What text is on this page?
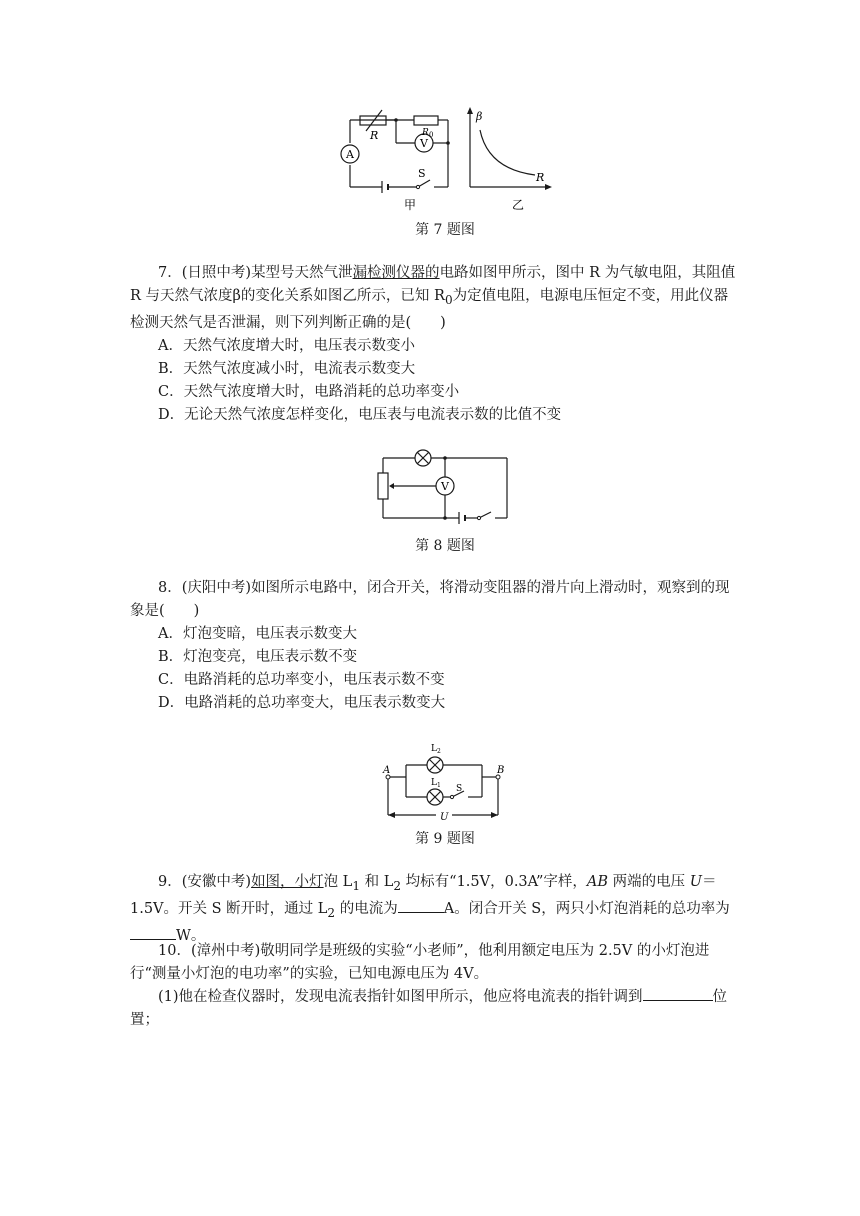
A
V
R	R 0
S
β
R
甲	乙
第 7 题图

7．(日照中考)某型号天然气泄漏检测仪器的电路如图甲所示，图中 R 为气敏电阻，其阻值 R 与天然气浓度β的变化关系如图乙所示，已知 $R_0$为定值电阻，电源电压恒定不变，用此仪器检测天然气是否泄漏，则下列判断正确的是(　　)

A．天然气浓度增大时，电压表示数变小

B．天然气浓度减小时，电流表示数变大

C．天然气浓度增大时，电路消耗的总功率变小

D．无论天然气浓度怎样变化，电压表与电流表示数的比值不变

V
第 8 题图

8．(庆阳中考)如图所示电路中，闭合开关，将滑动变阻器的滑片向上滑动时，观察到的现象是(　　)

A．灯泡变暗，电压表示数变大

B．灯泡变亮，电压表示数不变

C．电路消耗的总功率变小，电压表示数不变

D．电路消耗的总功率变大，电压表示数变大

L 2
L 1 S
A	B
U
第 9 题图

9．(安徽中考)如图，小灯泡 $L_1$ 和 $L_2$ 均标有“1.5V，0.3A”字样，AB 两端的电压 U＝1.5V。开关 S 断开时，通过 $L_2$ 的电流为	A。闭合开关 S，两只小灯泡消耗的总功率为W。

10．(漳州中考)敬明同学是班级的实验“小老师”，他利用额定电压为 2.5V 的小灯泡进行“测量小灯泡的电功率”的实验，已知电源电压为 4V。

(1)他在检查仪器时，发现电流表指针如图甲所示，他应将电流表的指针调到	位置；
